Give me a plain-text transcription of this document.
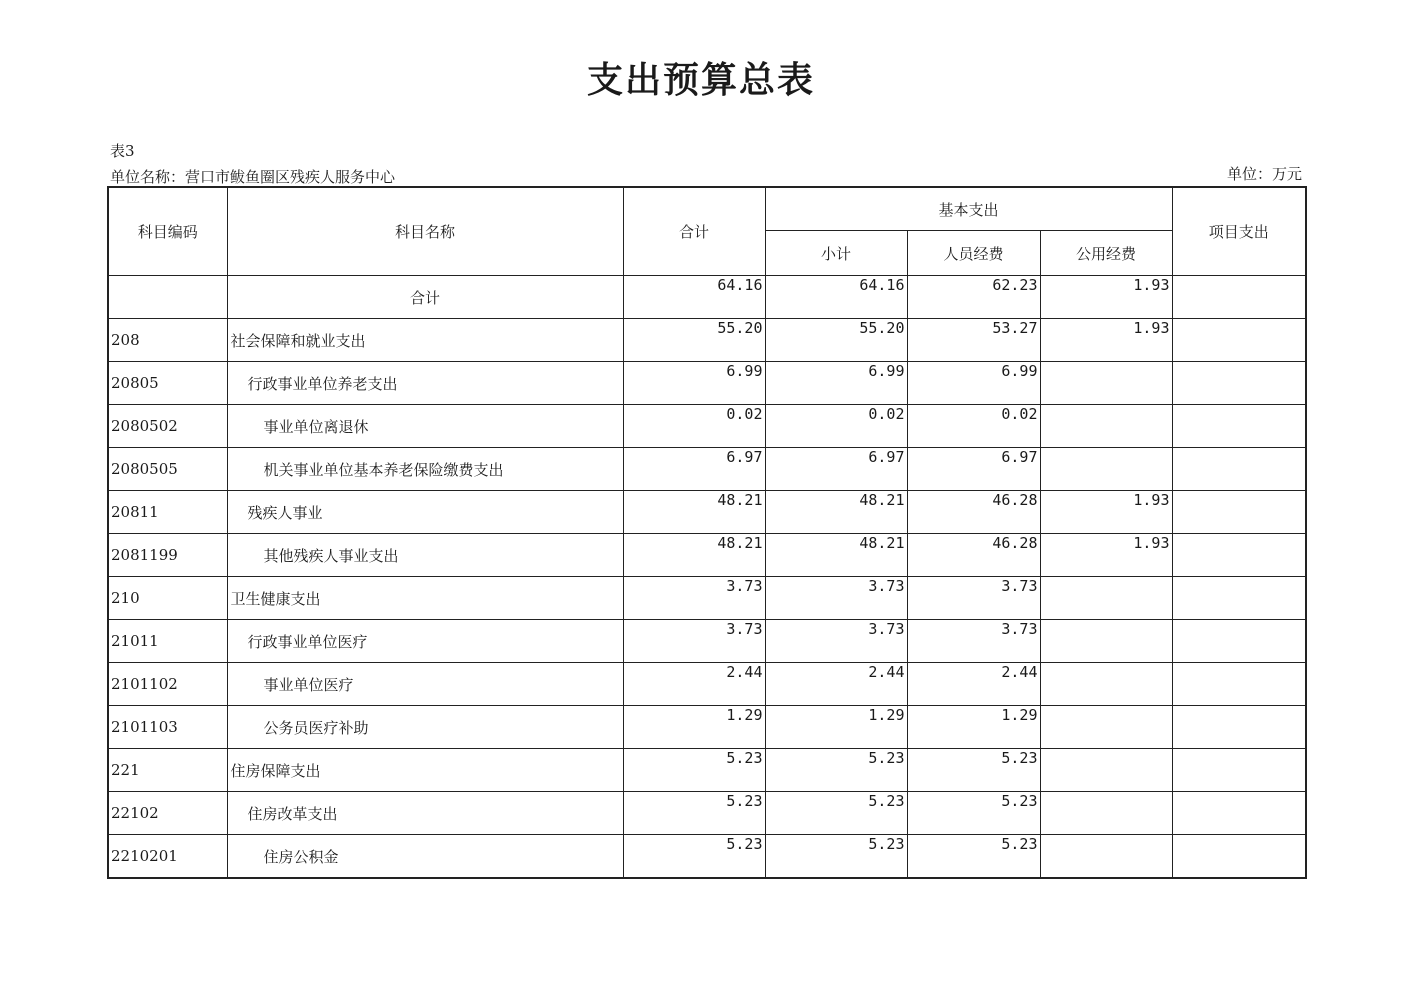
支出预算总表
表3
单位名称：营口市鲅鱼圈区残疾人服务中心	单位：万元
科目编码	科目名称	合计	基本支出			项目支出
			小计	人员经费	公用经费	
	合计	64.16	64.16	62.23	1.93	
208	社会保障和就业支出	55.20	55.20	53.27	1.93	
20805	行政事业单位养老支出	6.99	6.99	6.99		
2080502	事业单位离退休	0.02	0.02	0.02		
2080505	机关事业单位基本养老保险缴费支出	6.97	6.97	6.97		
20811	残疾人事业	48.21	48.21	46.28	1.93	
2081199	其他残疾人事业支出	48.21	48.21	46.28	1.93	
210	卫生健康支出	3.73	3.73	3.73		
21011	行政事业单位医疗	3.73	3.73	3.73		
2101102	事业单位医疗	2.44	2.44	2.44		
2101103	公务员医疗补助	1.29	1.29	1.29		
221	住房保障支出	5.23	5.23	5.23		
22102	住房改革支出	5.23	5.23	5.23		
2210201	住房公积金	5.23	5.23	5.23		
